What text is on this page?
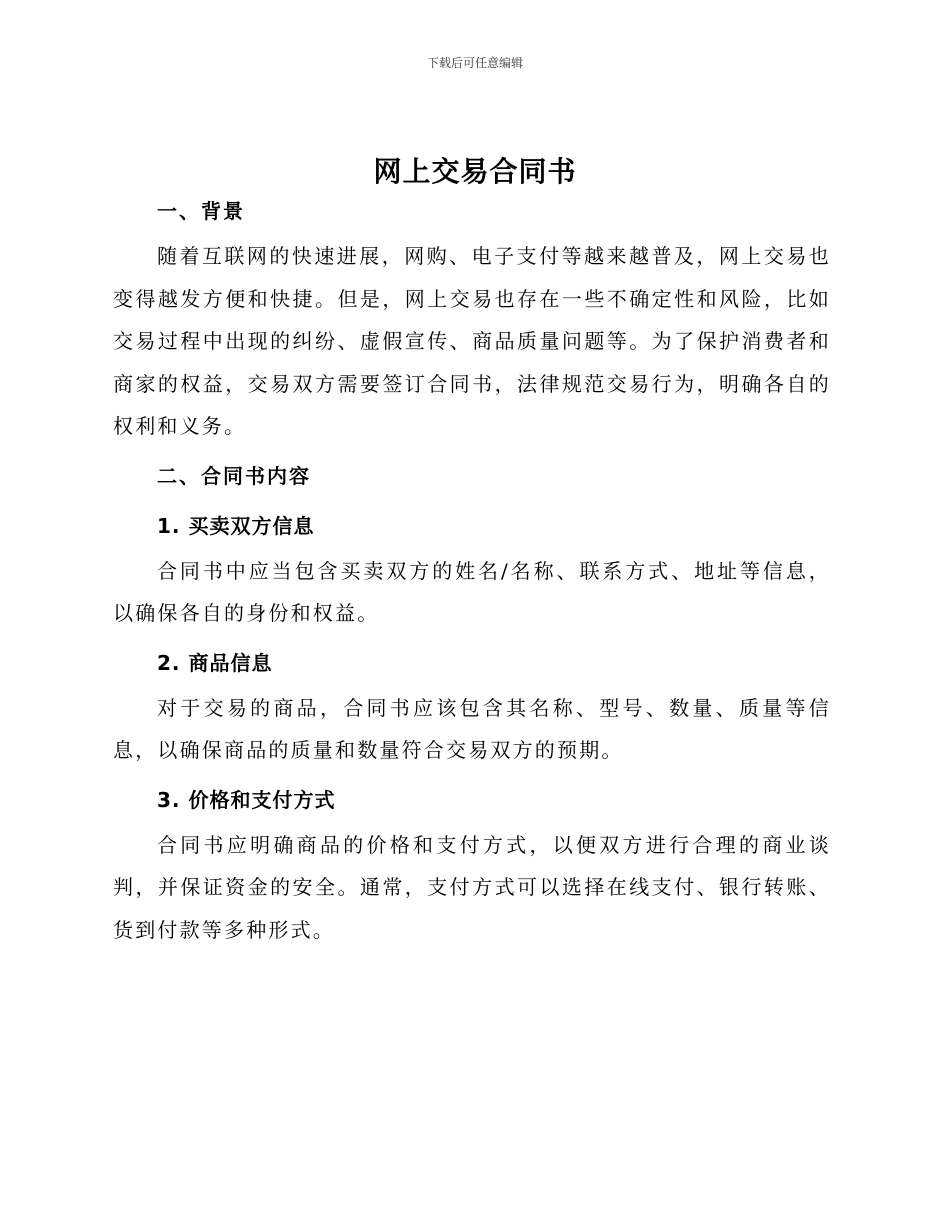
下载后可任意编辑
网上交易合同书
一、背景

随着互联网的快速进展，网购、电子支付等越来越普及，网上交易也变得越发方便和快捷。但是，网上交易也存在一些不确定性和风险，比如交易过程中出现的纠纷、虚假宣传、商品质量问题等。为了保护消费者和商家的权益，交易双方需要签订合同书，法律规范交易行为，明确各自的权利和义务。

二、合同书内容
1. 买卖双方信息

合同书中应当包含买卖双方的姓名/名称、联系方式、地址等信息，以确保各自的身份和权益。

2. 商品信息

对于交易的商品，合同书应该包含其名称、型号、数量、质量等信息，以确保商品的质量和数量符合交易双方的预期。

3. 价格和支付方式

合同书应明确商品的价格和支付方式，以便双方进行合理的商业谈判，并保证资金的安全。通常，支付方式可以选择在线支付、银行转账、货到付款等多种形式。
